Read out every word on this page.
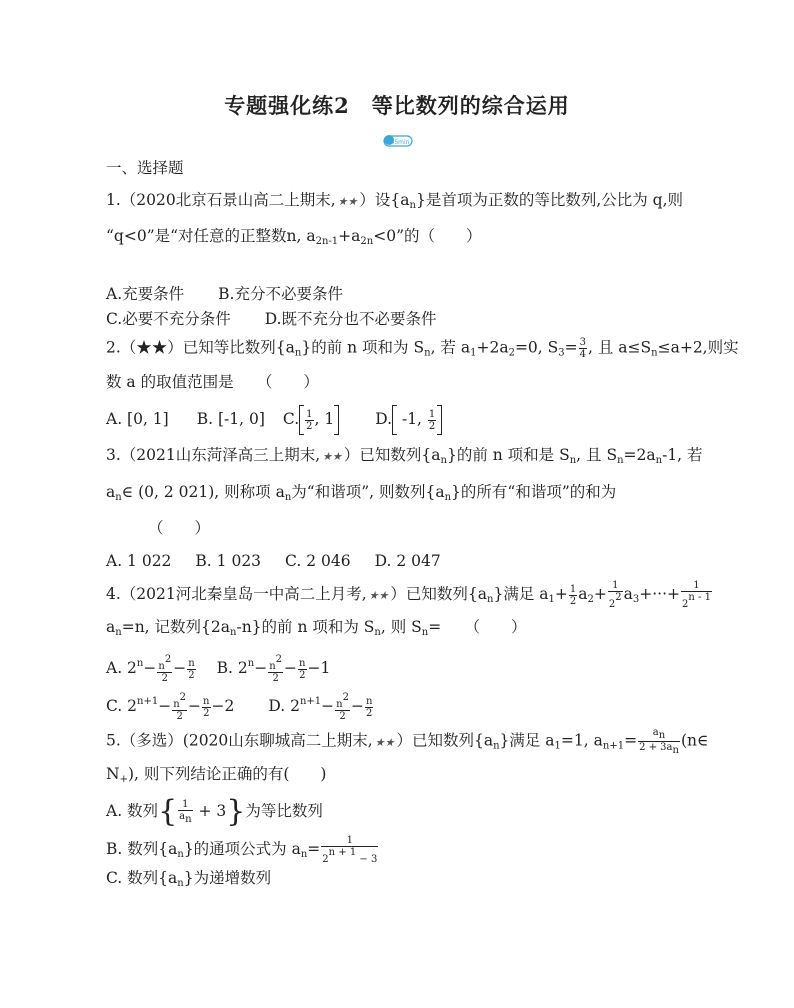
专题强化练2　等比数列的综合运用
45min
一、选择题
1.（2020北京石景山高二上期末, ★★ ）设$\{a_n\}$是首项为正数的等比数列,公比为 q,则
“q<0”是“对任意的正整数n, $a_{2n-1}+a_{2n}<0$”的（　　）
A.充要条件 B.充分不必要条件
C.必要不充分条件 D.既不充分也不必要条件
2.（★★）已知等比数列$\{a_n\}$的前 n 项和为 $S_n$, 若 $a_1+2a_2=0$, $S_3= \frac{3}{4}$ , 且 $a\le S_n\le a+2$,则实
数 a 的取值范围是　　（　　）
A. [0, 1] B. [-1, 0] C. $\frac{1}{2}$ , 1	D. -1, $\frac{1}{2}$
3.（2021山东菏泽高三上期末, ★★ ）已知数列$\{a_n\}$的前 n 项和是 $S_n$, 且 $S_n=2a_n-1$, 若
$a_n\in$ (0, 2 021), 则称项 $a_n$为“和谐项”, 则数列$\{a_n\}$的所有“和谐项”的和为
（　　）
A. 1 022 B. 1 023 C. 2 046 D. 2 047
4.（2021河北秦皇岛一中高二上月考, ★★ ）已知数列$\{a_n\}$满足 $a_1+ \frac{1}{2} a_2+ \frac{1}{2^2} a_3+\cdot\cdot\cdot+ \frac{1}{2^{n - 1}}$
$a_n=n$, 记数列$\{2a_n-n\}$的前 n 项和为 $S_n$, 则 $S_n=$　　（　　）
A. $2^n- \frac{n^2}{2} - \frac{n}{2} B$. $2^n- \frac{n^2}{2} - \frac{n}{2} -1$
C. $2^{n+1}- \frac{n^2}{2} - \frac{n}{2} -2$ D. $2^{n+1}- \frac{n^2}{2} - \frac{n}{2}$
5.（多选）(2020山东聊城高二上期末, ★★ ）已知数列$\{a_n\}$满足 $a_1=1$, $a_{n+1}= \frac{a_n}{2 + 3a_n}$ (n∈
$N_+$), 则下列结论正确的有(　　)
A. 数列{ $\frac{1}{a_n} + 3$}为等比数列
B. 数列$\{a_n\}$的通项公式为 $a_n= \frac{1}{2^{n + 1} - 3}$
C. 数列$\{a_n\}$为递增数列
